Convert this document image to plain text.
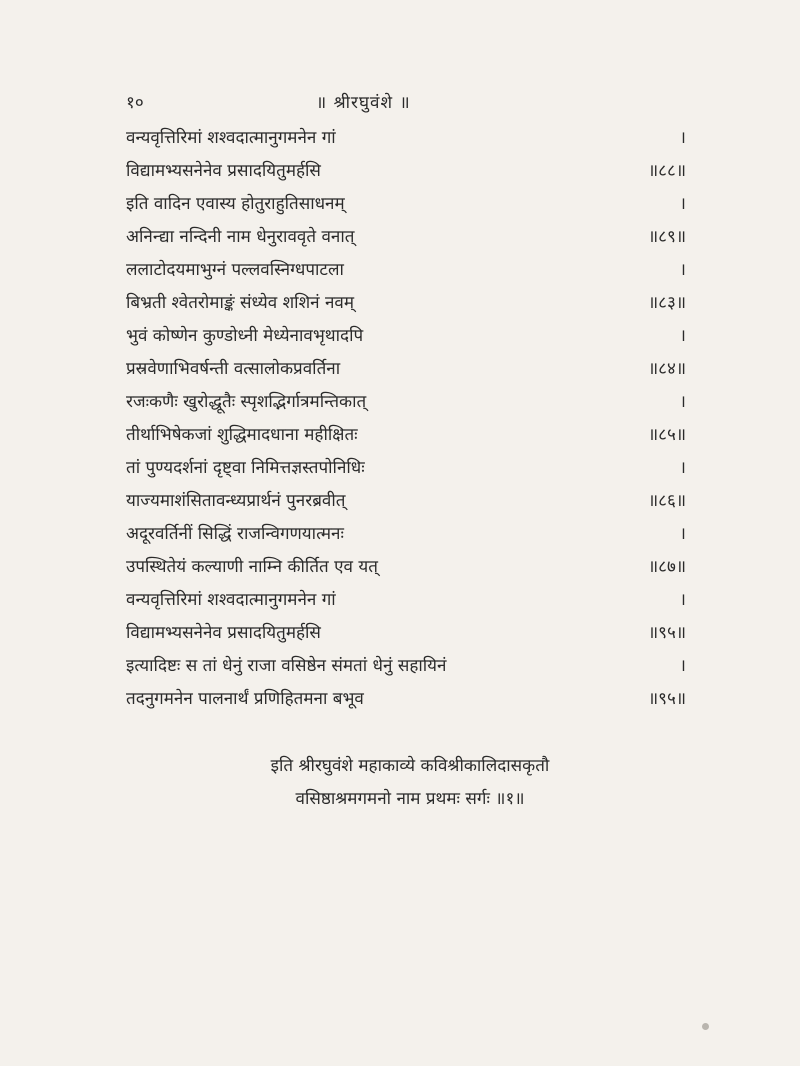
१०	॥ श्रीरघुवंशे ॥
वन्यवृत्तिरिमां शश्वदात्मानुगमनेन गां	।
विद्यामभ्यसनेनेव प्रसादयितुमर्हसि	॥८८॥
इति वादिन एवास्य होतुराहुतिसाधनम्	।
अनिन्द्या नन्दिनी नाम धेनुराववृते वनात्	॥८९॥
ललाटोदयमाभुग्नं पल्लवस्निग्धपाटला	।
बिभ्रती श्वेतरोमाङ्कं संध्येव शशिनं नवम्	॥८३॥
भुवं कोष्णेन कुण्डोध्नी मेध्येनावभृथादपि	।
प्रस्रवेणाभिवर्षन्ती वत्सालोकप्रवर्तिना	॥८४॥
रजःकणैः खुरोद्धूतैः स्पृशद्भिर्गात्रमन्तिकात्	।
तीर्थाभिषेकजां शुद्धिमादधाना महीक्षितः	॥८५॥
तां पुण्यदर्शनां दृष्ट्वा निमित्तज्ञस्तपोनिधिः	।
याज्यमाशंसितावन्ध्यप्रार्थनं पुनरब्रवीत्	॥८६॥
अदूरवर्तिनीं सिद्धिं राजन्विगणयात्मनः	।
उपस्थितेयं कल्याणी नाम्नि कीर्तित एव यत्	॥८७॥
वन्यवृत्तिरिमां शश्वदात्मानुगमनेन गां	।
विद्यामभ्यसनेनेव प्रसादयितुमर्हसि	॥९५॥
इत्यादिष्टः स तां धेनुं राजा वसिष्ठेन संमतां धेनुं सहायिनं	।
तदनुगमनेन पालनार्थं प्रणिहितमना बभूव	॥९५॥
इति श्रीरघुवंशे महाकाव्ये कविश्रीकालिदासकृतौ
वसिष्ठाश्रमगमनो नाम प्रथमः सर्गः ॥१॥
